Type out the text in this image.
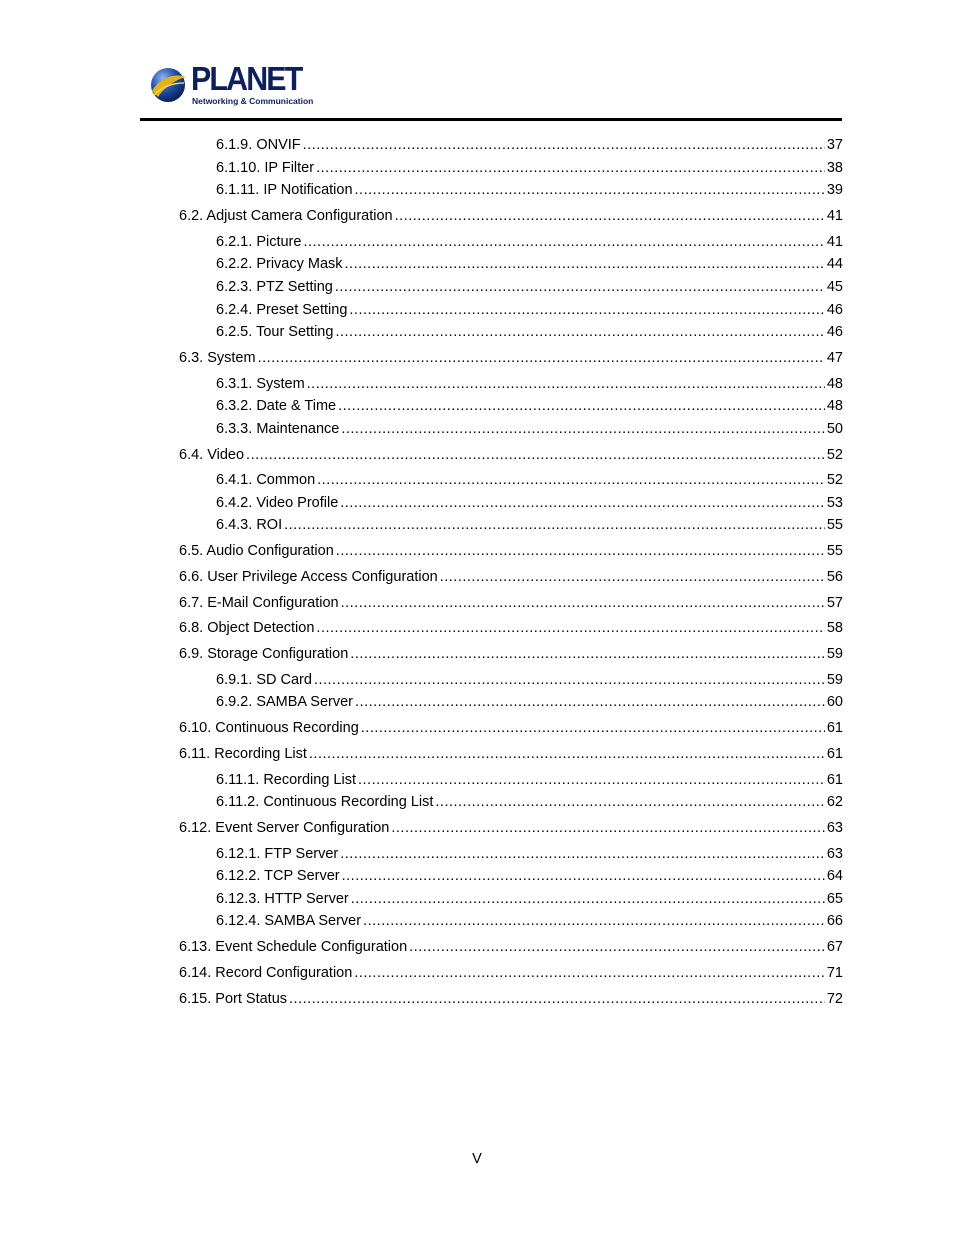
PLANET
Networking & Communication
6.1.9. ONVIF .....	37
6.1.10. IP Filter .....	38
6.1.11. IP Notification .....	39
6.2. Adjust Camera Configuration .....	41
6.2.1. Picture .....	41
6.2.2. Privacy Mask .....	44
6.2.3. PTZ Setting .....	45
6.2.4. Preset Setting .....	46
6.2.5. Tour Setting .....	46
6.3. System .....	47
6.3.1. System .....	48
6.3.2. Date & Time .....	48
6.3.3. Maintenance .....	50
6.4. Video .....	52
6.4.1. Common .....	52
6.4.2. Video Profile .....	53
6.4.3. ROI .....	55
6.5. Audio Configuration .....	55
6.6. User Privilege Access Configuration .....	56
6.7. E-Mail Configuration .....	57
6.8. Object Detection .....	58
6.9. Storage Configuration .....	59
6.9.1. SD Card .....	59
6.9.2. SAMBA Server .....	60
6.10. Continuous Recording .....	61
6.11. Recording List .....	61
6.11.1. Recording List .....	61
6.11.2. Continuous Recording List .....	62
6.12. Event Server Configuration .....	63
6.12.1. FTP Server .....	63
6.12.2. TCP Server .....	64
6.12.3. HTTP Server .....	65
6.12.4. SAMBA Server .....	66
6.13. Event Schedule Configuration .....	67
6.14. Record Configuration .....	71
6.15. Port Status .....	72
V
